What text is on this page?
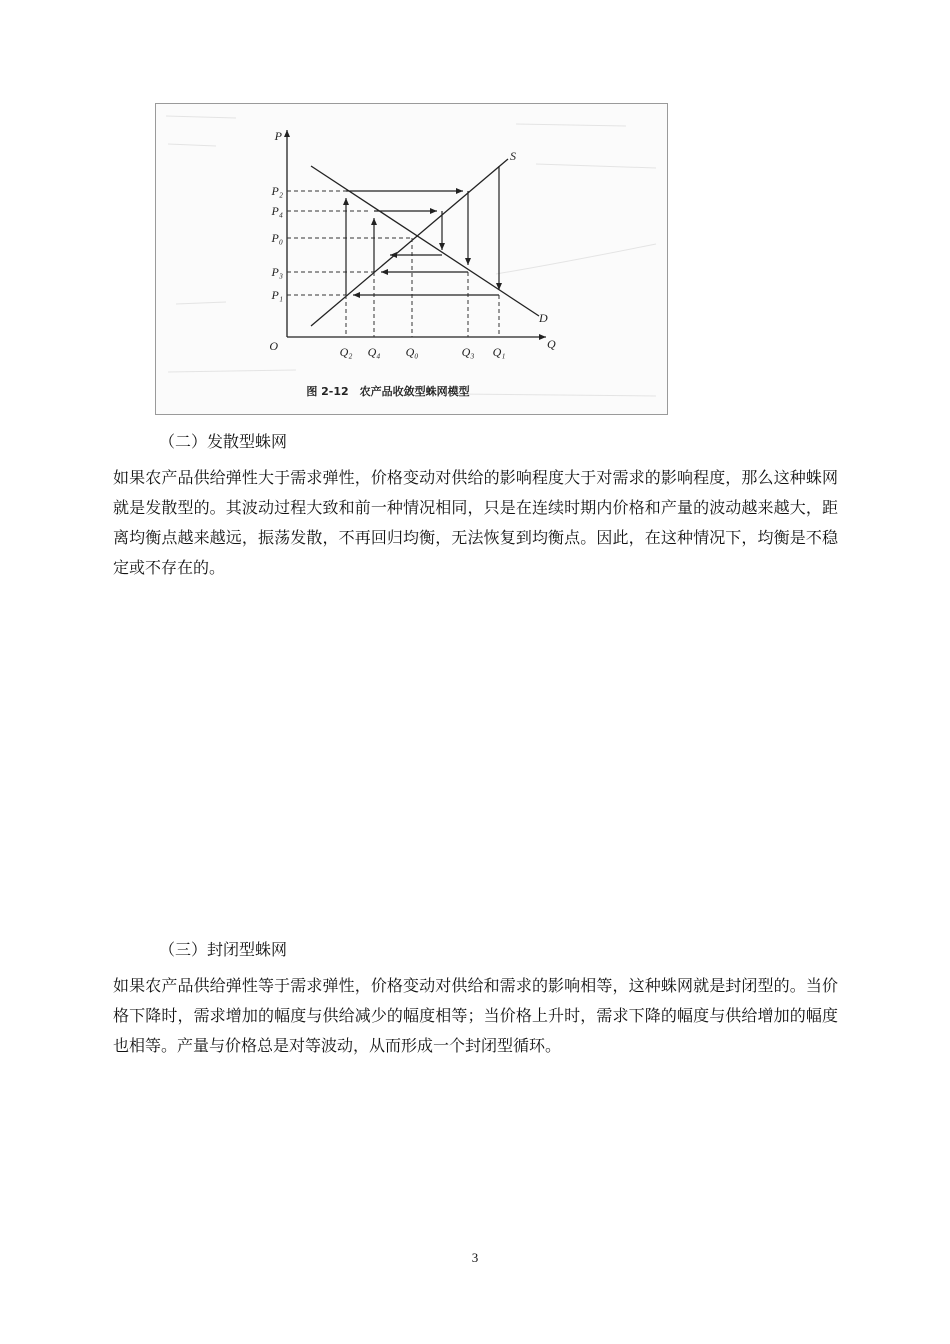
P
Q
O
S
D
P₂
P₄
P₀
P₃
P₁
Q₂ Q₄ Q₀	Q₃ Q₁
图 2-12　农产品收敛型蛛网模型
（二）发散型蛛网

如果农产品供给弹性大于需求弹性，价格变动对供给的影响程度大于对需求的影响程度，那么这种蛛网就是发散型的。其波动过程大致和前一种情况相同，只是在连续时期内价格和产量的波动越来越大，距离均衡点越来越远，振荡发散，不再回归均衡，无法恢复到均衡点。因此，在这种情况下，均衡是不稳定或不存在的。

（三）封闭型蛛网

如果农产品供给弹性等于需求弹性，价格变动对供给和需求的影响相等，这种蛛网就是封闭型的。当价格下降时，需求增加的幅度与供给减少的幅度相等；当价格上升时，需求下降的幅度与供给增加的幅度也相等。产量与价格总是对等波动，从而形成一个封闭型循环。

3
